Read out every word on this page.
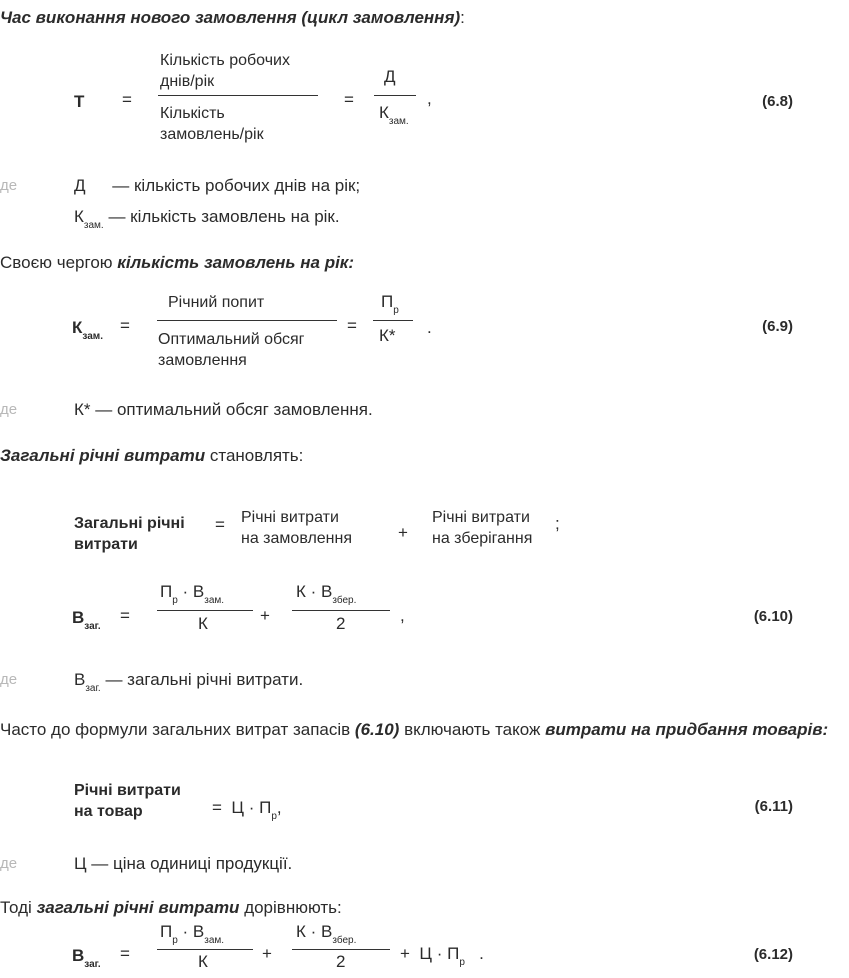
Час виконання нового замовлення (цикл замовлення):
T =
Кількість робочих
днів/рік
Кількість
замовлень/рік
=
Д
$К_{зам.}$
,	(6.8)
де	Д — кількість робочих днів на рік;
$К_{зам.}$ — кількість замовлень на рік.
Своєю чергою кількість замовлень на рік:
$К_{зам.}$
=
Річний попит
Оптимальний обсяг
замовлення
=
$П_р$
К* .	(6.9)
де	К* — оптимальний обсяг замовлення.
Загальні річні витрати становлять:
Загальні річні
витрати
= Річні витрати
на замовлення	+
Річні витрати
на зберігання
;
$В_{заг.}$
=
$П_р \cdot В_{зам.}$
К	+
$К \cdot В_{збер.}$
2	,	(6.10)
де	$В_{заг.}$ — загальні річні витрати.
Часто до формули загальних витрат запасів (6.10) включають також витрати на придбання товарів:
Річні витрати
на товар	= $Ц \cdot П_р$,	(6.11)
де	Ц — ціна одиниці продукції.
Тоді загальні річні витрати дорівнюють:
$В_{заг.}$
=
$П_р \cdot В_{зам.}$
К	+
$К \cdot В_{збер.}$
2	+ $Ц \cdot П_р$ .	(6.12)
